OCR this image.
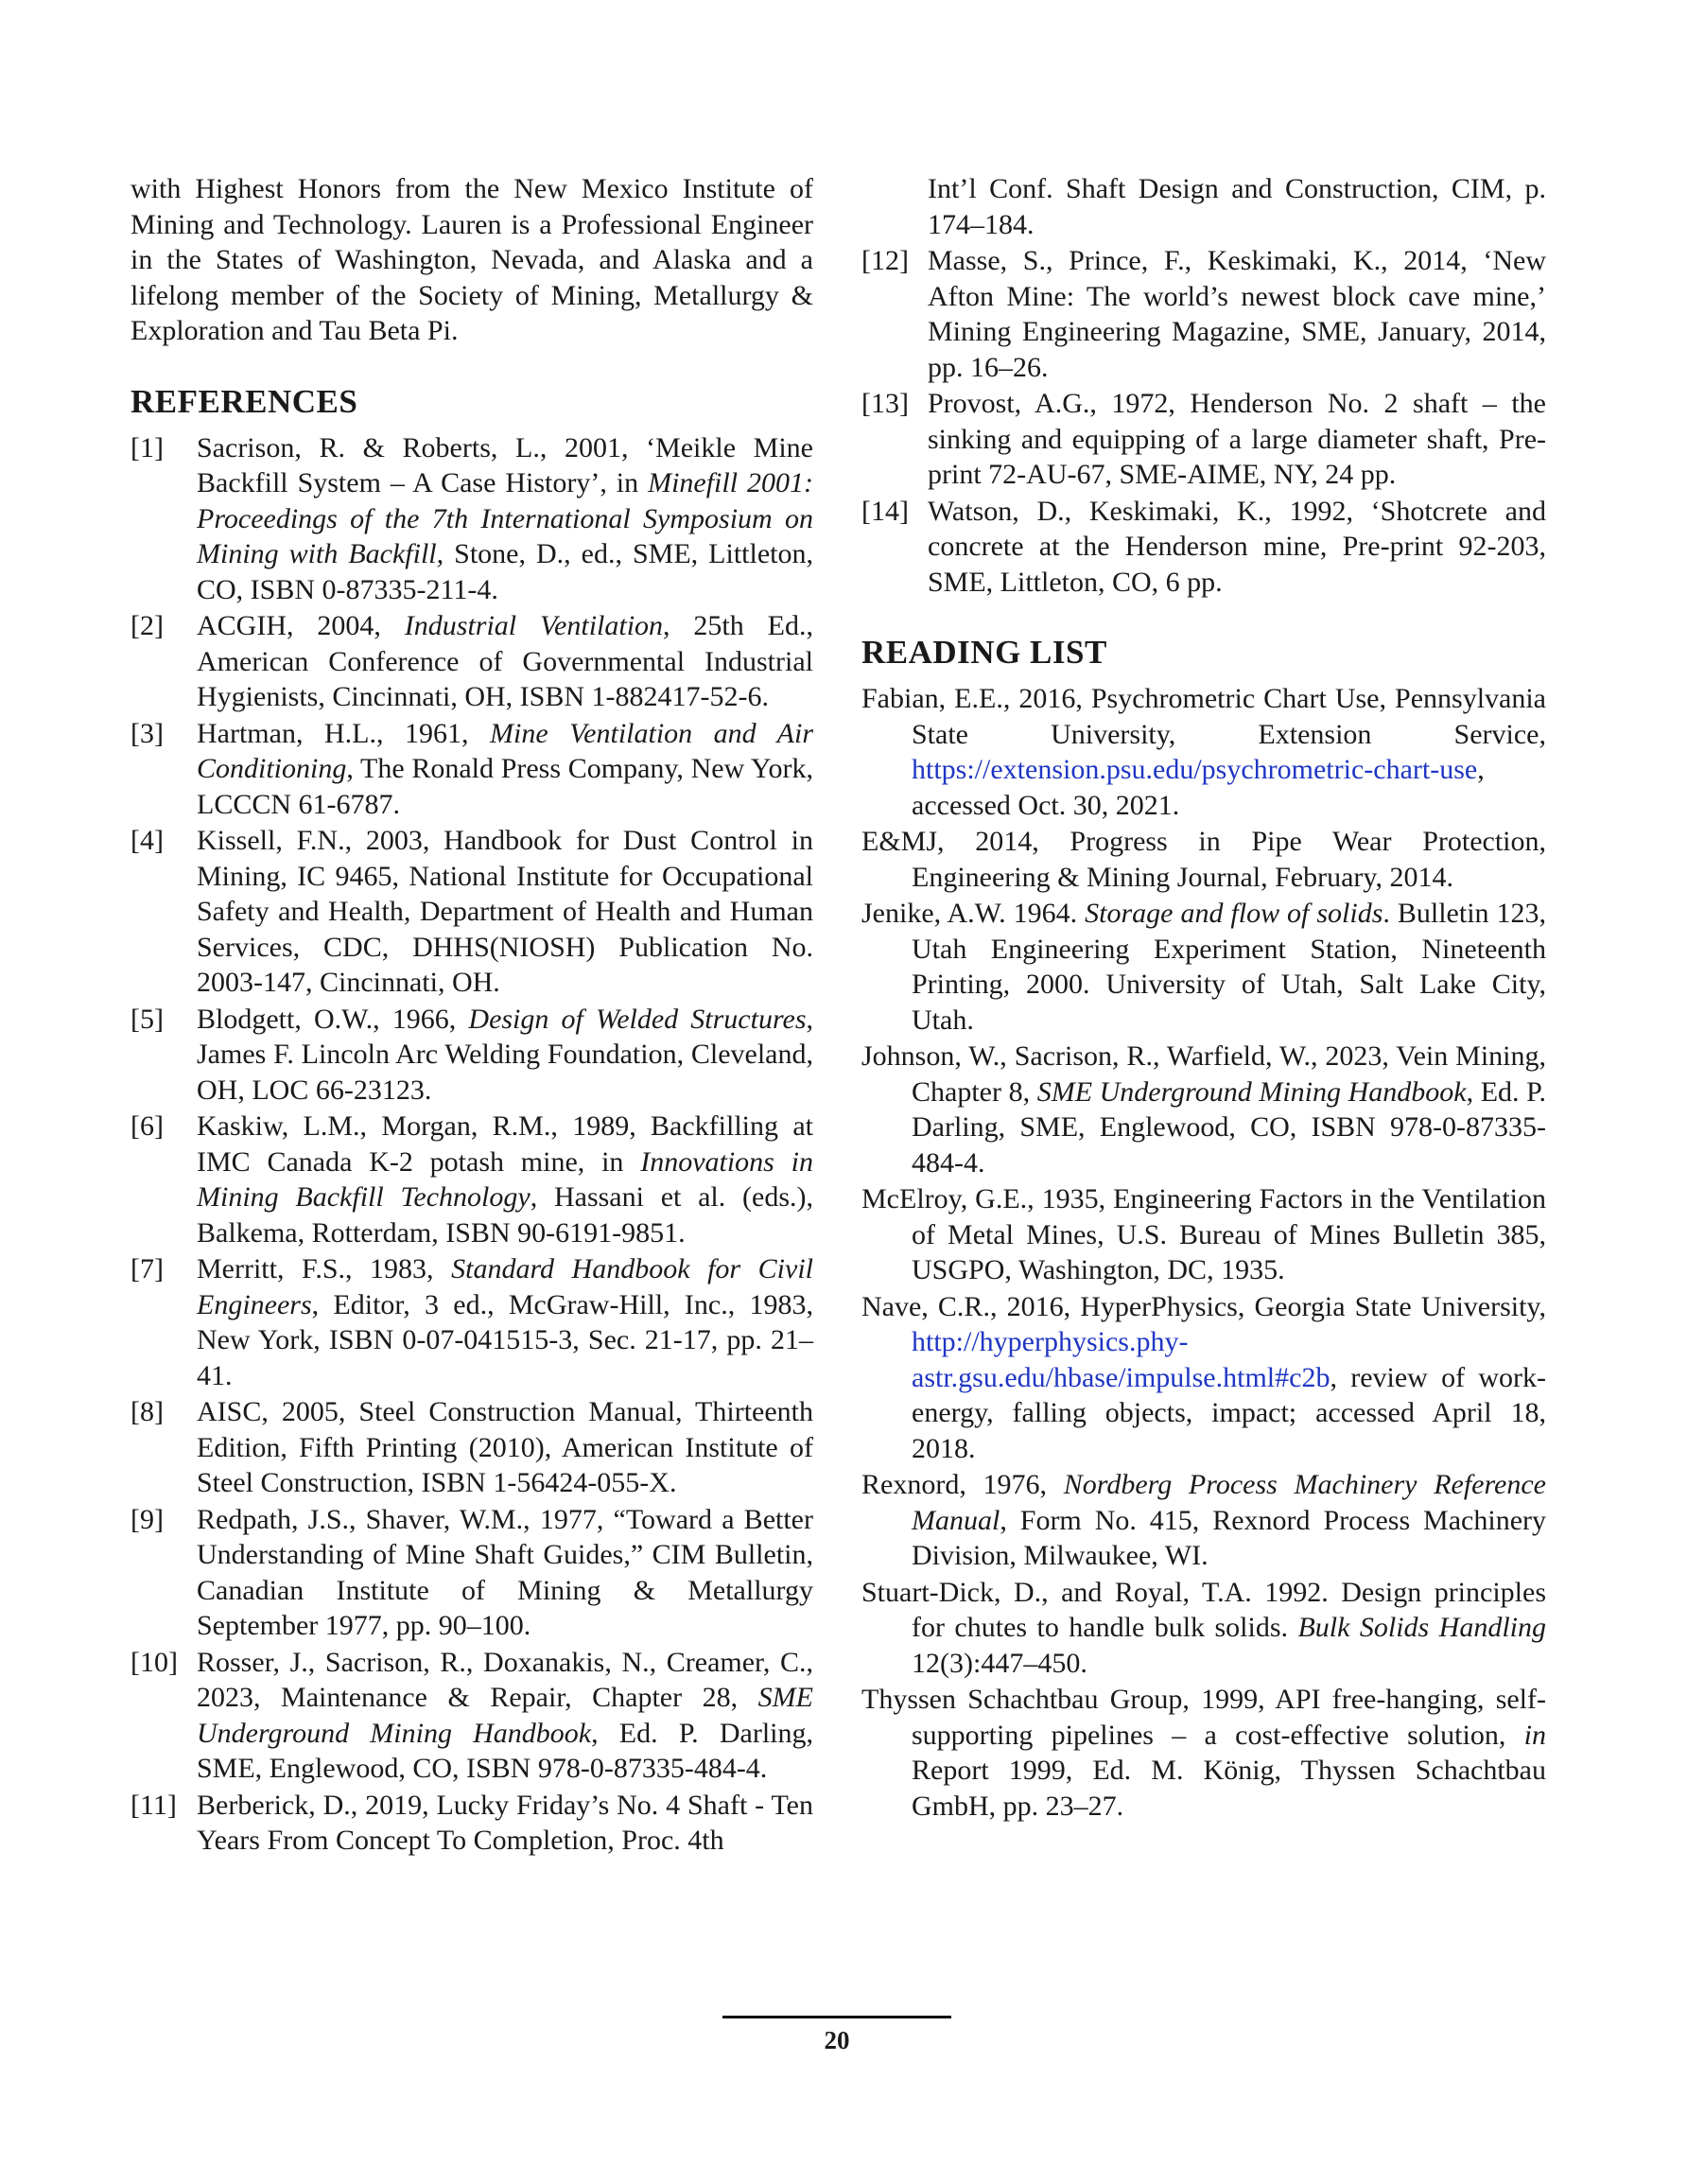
with Highest Honors from the New Mexico Institute of Mining and Technology. Lauren is a Professional Engineer in the States of Washington, Nevada, and Alaska and a lifelong member of the Society of Mining, Metallurgy & Exploration and Tau Beta Pi.

REFERENCES

[1] Sacrison, R. & Roberts, L., 2001, ‘Meikle Mine Backfill System – A Case History’, in Minefill 2001: Proceedings of the 7th International Symposium on Mining with Backfill, Stone, D., ed., SME, Littleton, CO, ISBN 0-87335-211-4.

[2] ACGIH, 2004, Industrial Ventilation, 25th Ed., American Conference of Governmental Industrial Hygienists, Cincinnati, OH, ISBN 1-882417-52-6.

[3] Hartman, H.L., 1961, Mine Ventilation and Air Conditioning, The Ronald Press Company, New York, LCCCN 61-6787.

[4] Kissell, F.N., 2003, Handbook for Dust Control in Mining, IC 9465, National Institute for Occupational Safety and Health, Department of Health and Human Services, CDC, DHHS(NIOSH) Publication No. 2003-147, Cincinnati, OH.

[5] Blodgett, O.W., 1966, Design of Welded Structures, James F. Lincoln Arc Welding Foundation, Cleveland, OH, LOC 66-23123.

[6] Kaskiw, L.M., Morgan, R.M., 1989, Backfilling at IMC Canada K-2 potash mine, in Innovations in Mining Backfill Technology, Hassani et al. (eds.), Balkema, Rotterdam, ISBN 90-6191-9851.

[7] Merritt, F.S., 1983, Standard Handbook for Civil Engineers, Editor, 3 ed., McGraw-Hill, Inc., 1983, New York, ISBN 0-07-041515-3, Sec. 21-17, pp. 21–41.

[8] AISC, 2005, Steel Construction Manual, Thirteenth Edition, Fifth Printing (2010), American Institute of Steel Construction, ISBN 1-56424-055-X.

[9] Redpath, J.S., Shaver, W.M., 1977, “Toward a Better Understanding of Mine Shaft Guides,” CIM Bulletin, Canadian Institute of Mining & Metallurgy September 1977, pp. 90–100.

[10] Rosser, J., Sacrison, R., Doxanakis, N., Creamer, C., 2023, Maintenance & Repair, Chapter 28, SME Underground Mining Handbook, Ed. P. Darling, SME, Englewood, CO, ISBN 978-0-87335-484-4.

[11] Berberick, D., 2019, Lucky Friday’s No. 4 Shaft - Ten Years From Concept To Completion, Proc. 4th

Int’l Conf. Shaft Design and Construction, CIM, p. 174–184.

[12] Masse, S., Prince, F., Keskimaki, K., 2014, ‘New Afton Mine: The world’s newest block cave mine,’ Mining Engineering Magazine, SME, January, 2014, pp. 16–26.

[13] Provost, A.G., 1972, Henderson No. 2 shaft – the sinking and equipping of a large diameter shaft, Pre-print 72-AU-67, SME-AIME, NY, 24 pp.

[14] Watson, D., Keskimaki, K., 1992, ‘Shotcrete and concrete at the Henderson mine, Pre-print 92-203, SME, Littleton, CO, 6 pp.

READING LIST

Fabian, E.E., 2016, Psychrometric Chart Use, Pennsylvania State University, Extension Service, https://extension.psu.edu/psychrometric-chart-use, accessed Oct. 30, 2021.

E&MJ, 2014, Progress in Pipe Wear Protection, Engineering & Mining Journal, February, 2014.

Jenike, A.W. 1964. Storage and flow of solids. Bulletin 123, Utah Engineering Experiment Station, Nineteenth Printing, 2000. University of Utah, Salt Lake City, Utah.

Johnson, W., Sacrison, R., Warfield, W., 2023, Vein Mining, Chapter 8, SME Underground Mining Handbook, Ed. P. Darling, SME, Englewood, CO, ISBN 978-0-87335-484-4.

McElroy, G.E., 1935, Engineering Factors in the Ventilation of Metal Mines, U.S. Bureau of Mines Bulletin 385, USGPO, Washington, DC, 1935.

Nave, C.R., 2016, HyperPhysics, Georgia State University, http://hyperphysics.phy-astr.gsu.edu/hbase/impulse.html#c2b, review of work-energy, falling objects, impact; accessed April 18, 2018.

Rexnord, 1976, Nordberg Process Machinery Reference Manual, Form No. 415, Rexnord Process Machinery Division, Milwaukee, WI.

Stuart-Dick, D., and Royal, T.A. 1992. Design principles for chutes to handle bulk solids. Bulk Solids Handling 12(3):447–450.

Thyssen Schachtbau Group, 1999, API free-hanging, self-supporting pipelines – a cost-effective solution, in Report 1999, Ed. M. König, Thyssen Schachtbau GmbH, pp. 23–27.

20
